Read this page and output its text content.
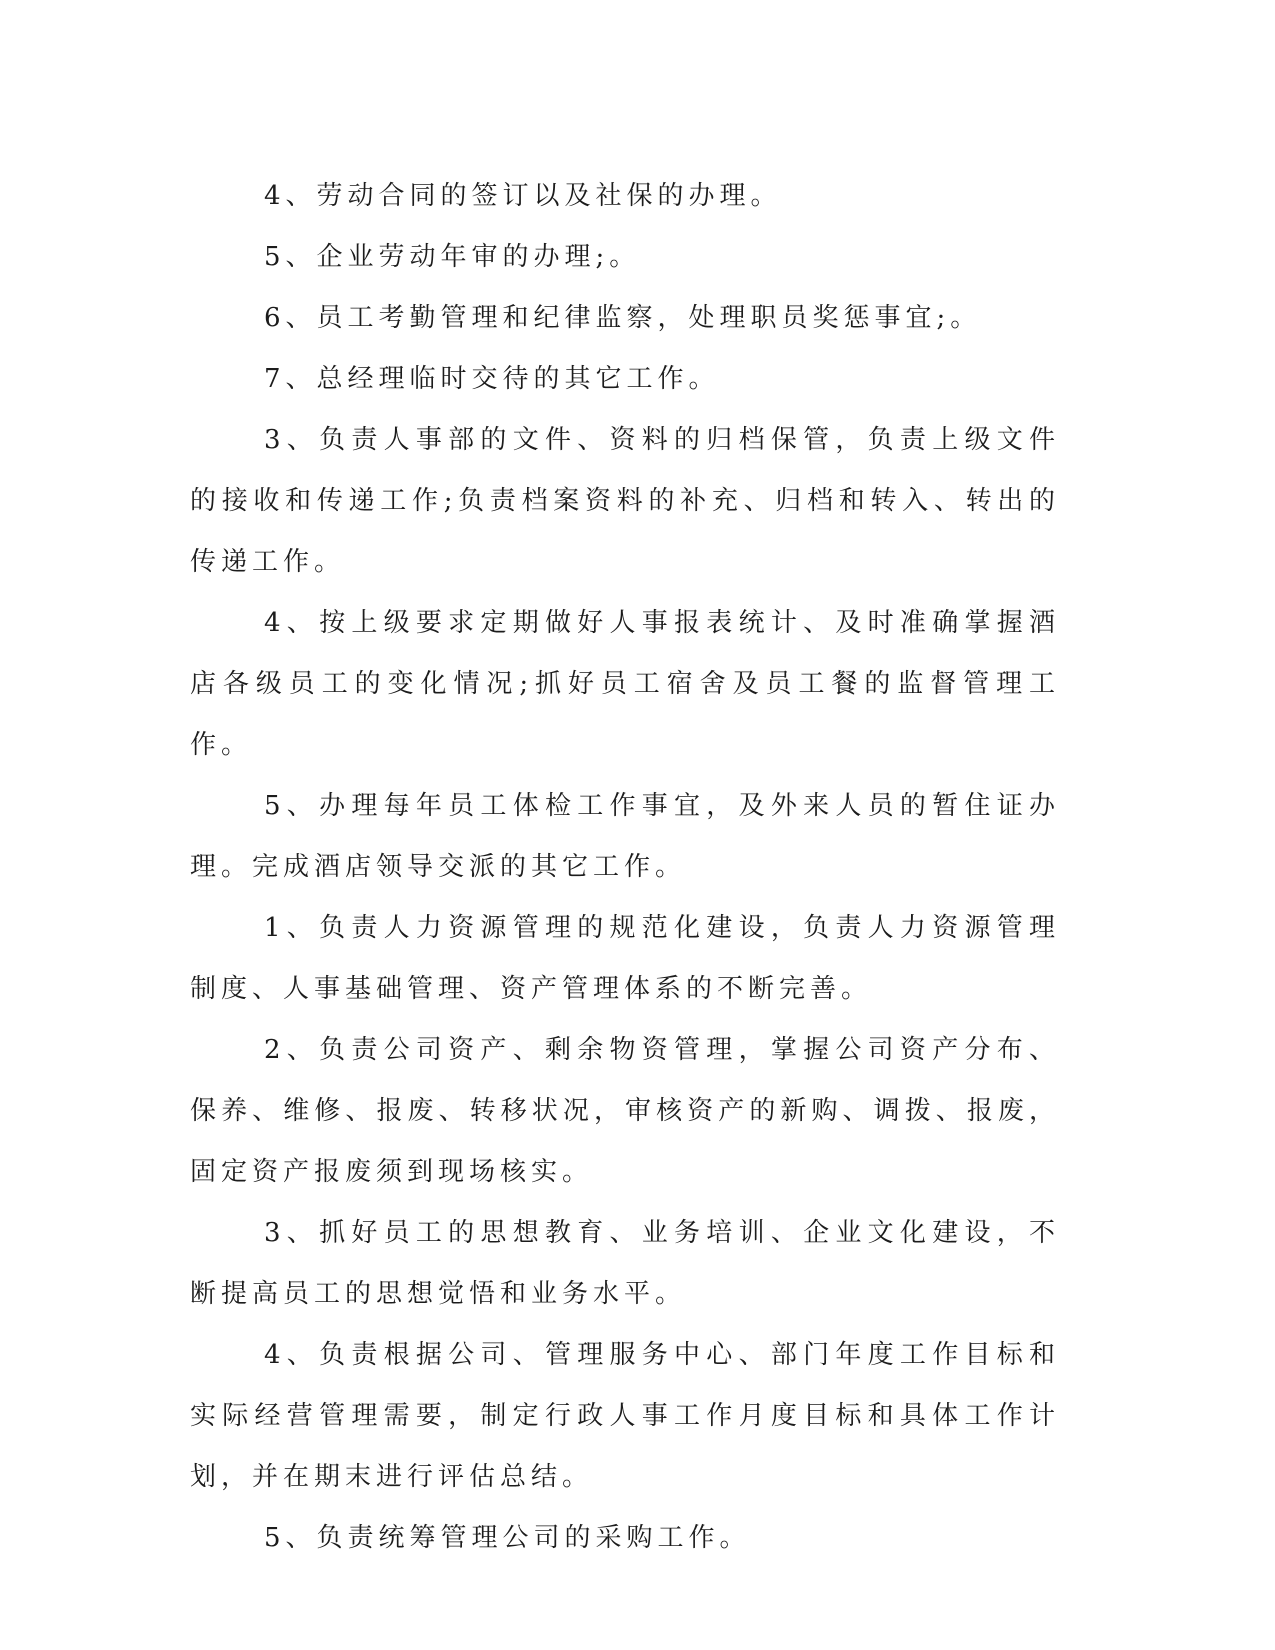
4、劳动合同的签订以及社保的办理。

5、企业劳动年审的办理;。

6、员工考勤管理和纪律监察，处理职员奖惩事宜;。

7、总经理临时交待的其它工作。

3、负责人事部的文件、资料的归档保管，负责上级文件的接收和传递工作;负责档案资料的补充、归档和转入、转出的传递工作。

4、按上级要求定期做好人事报表统计、及时准确掌握酒店各级员工的变化情况;抓好员工宿舍及员工餐的监督管理工作。

5、办理每年员工体检工作事宜，及外来人员的暂住证办理。完成酒店领导交派的其它工作。

1、负责人力资源管理的规范化建设，负责人力资源管理制度、人事基础管理、资产管理体系的不断完善。

2、负责公司资产、剩余物资管理，掌握公司资产分布、保养、维修、报废、转移状况，审核资产的新购、调拨、报废，固定资产报废须到现场核实。

3、抓好员工的思想教育、业务培训、企业文化建设，不断提高员工的思想觉悟和业务水平。

4、负责根据公司、管理服务中心、部门年度工作目标和实际经营管理需要，制定行政人事工作月度目标和具体工作计划，并在期末进行评估总结。

5、负责统筹管理公司的采购工作。
